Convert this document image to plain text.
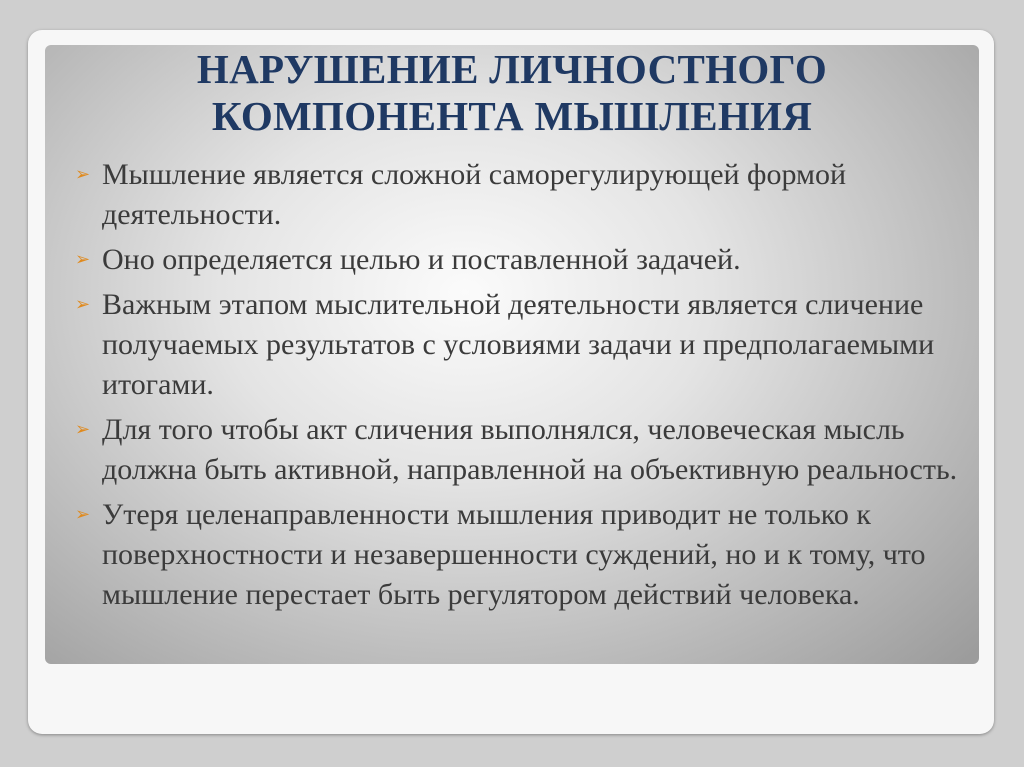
НАРУШЕНИЕ ЛИЧНОСТНОГО
КОМПОНЕНТА МЫШЛЕНИЯ
➢ Мышление является сложной саморегулирующей формой деятельности.
➢ Оно определяется целью и поставленной задачей.
➢ Важным этапом мыслительной деятельности является сличение получаемых результатов с условиями задачи и предполагаемыми итогами.
➢ Для того чтобы акт сличения выполнялся, человеческая мысль должна быть активной, направленной на объективную реальность.
➢ Утеря целенаправленности мышления приводит не только к поверхностности и незавершенности суждений, но и к тому, что мышление перестает быть регулятором действий человека.
